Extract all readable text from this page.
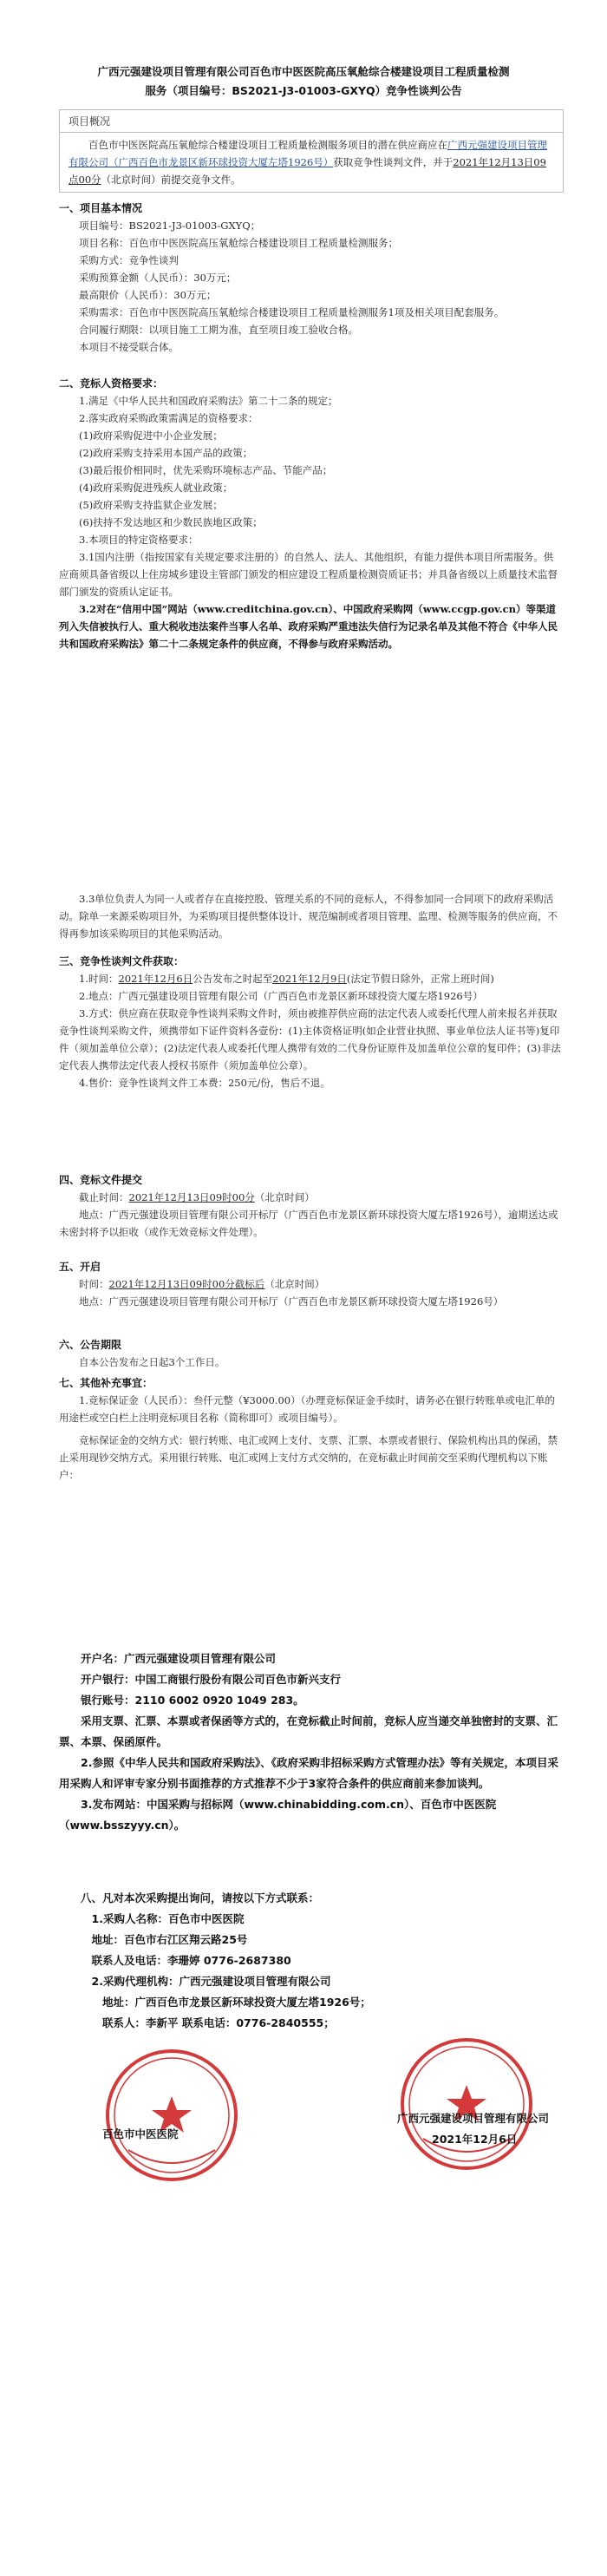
广西元强建设项目管理有限公司百色市中医医院高压氧舱综合楼建设项目工程质量检测
服务（项目编号：BS2021-J3-01003-GXYQ）竞争性谈判公告
项目概况
百色市中医医院高压氧舱综合楼建设项目工程质量检测服务项目的潜在供应商应在广西元强建设项目管理有限公司（广西百色市龙景区新环球投资大厦左塔1926号）获取竞争性谈判文件，并于2021年12月13日09点00分（北京时间）前提交竞争文件。
一、项目基本情况
项目编号：BS2021-J3-01003-GXYQ；
项目名称：百色市中医医院高压氧舱综合楼建设项目工程质量检测服务；
采购方式：竞争性谈判
采购预算金额（人民币）：30万元；
最高限价（人民币）：30万元；
采购需求：百色市中医医院高压氧舱综合楼建设项目工程质量检测服务1项及相关项目配套服务。
合同履行期限：以项目施工工期为准，直至项目竣工验收合格。
本项目不接受联合体。
二、竞标人资格要求：
1.满足《中华人民共和国政府采购法》第二十二条的规定；
2.落实政府采购政策需满足的资格要求：
(1)政府采购促进中小企业发展；
(2)政府采购支持采用本国产品的政策；
(3)最后报价相同时，优先采购环境标志产品、节能产品；
(4)政府采购促进残疾人就业政策；
(5)政府采购支持监狱企业发展；
(6)扶持不发达地区和少数民族地区政策；
3.本项目的特定资格要求：
3.1国内注册（指按国家有关规定要求注册的）的自然人、法人、其他组织，有能力提供本项目所需服务。供应商须具备省级以上住房城乡建设主管部门颁发的相应建设工程质量检测资质证书；并具备省级以上质量技术监督部门颁发的资质认定证书。
3.2对在“信用中国”网站（www.creditchina.gov.cn）、中国政府采购网（www.ccgp.gov.cn）等渠道列入失信被执行人、重大税收违法案件当事人名单、政府采购严重违法失信行为记录名单及其他不符合《中华人民共和国政府采购法》第二十二条规定条件的供应商，不得参与政府采购活动。
3.3单位负责人为同一人或者存在直接控股、管理关系的不同的竞标人，不得参加同一合同项下的政府采购活动。除单一来源采购项目外，为采购项目提供整体设计、规范编制或者项目管理、监理、检测等服务的供应商，不得再参加该采购项目的其他采购活动。
三、竞争性谈判文件获取：
1.时间：2021年12月6日公告发布之时起至2021年12月9日(法定节假日除外，正常上班时间)
2.地点：广西元强建设项目管理有限公司（广西百色市龙景区新环球投资大厦左塔1926号）
3.方式：供应商在获取竞争性谈判采购文件时，须由被推荐供应商的法定代表人或委托代理人前来报名并获取竞争性谈判采购文件，须携带如下证件资料各壹份：(1)主体资格证明(如企业营业执照、事业单位法人证书等)复印件（须加盖单位公章）；(2)法定代表人或委托代理人携带有效的二代身份证原件及加盖单位公章的复印件；(3)非法定代表人携带法定代表人授权书原件（须加盖单位公章）。
4.售价：竞争性谈判文件工本费：250元/份，售后不退。
四、竞标文件提交
截止时间：2021年12月13日09时00分（北京时间）
地点：广西元强建设项目管理有限公司开标厅（广西百色市龙景区新环球投资大厦左塔1926号），逾期送达或未密封将予以拒收（或作无效竞标文件处理）。
五、开启
时间：2021年12月13日09时00分截标后（北京时间）
地点：广西元强建设项目管理有限公司开标厅（广西百色市龙景区新环球投资大厦左塔1926号）
六、公告期限
自本公告发布之日起3个工作日。
七、其他补充事宜：
1.竞标保证金（人民币）：叁仟元整（¥3000.00）（办理竞标保证金手续时，请务必在银行转账单或电汇单的用途栏或空白栏上注明竞标项目名称（简称即可）或项目编号）。
竞标保证金的交纳方式：银行转账、电汇或网上支付、支票、汇票、本票或者银行、保险机构出具的保函，禁止采用现钞交纳方式。采用银行转账、电汇或网上支付方式交纳的，在竞标截止时间前交至采购代理机构以下账户：
开户名：广西元强建设项目管理有限公司
开户银行：中国工商银行股份有限公司百色市新兴支行
银行账号：2110 6002 0920 1049 283。
采用支票、汇票、本票或者保函等方式的，在竞标截止时间前，竞标人应当递交单独密封的支票、汇票、本票、保函原件。
2.参照《中华人民共和国政府采购法》、《政府采购非招标采购方式管理办法》等有关规定，本项目采用采购人和评审专家分别书面推荐的方式推荐不少于3家符合条件的供应商前来参加谈判。
3.发布网站：中国采购与招标网（www.chinabidding.com.cn）、百色市中医医院（www.bsszyyy.cn）。
八、凡对本次采购提出询问，请按以下方式联系：
1.采购人名称：百色市中医医院
地址：百色市右江区翔云路25号
联系人及电话：李珊婷 0776-2687380
2.采购代理机构：广西元强建设项目管理有限公司
地址：广西百色市龙景区新环球投资大厦左塔1926号；
联系人：李新平 联系电话：0776-2840555；
百色市中医医院
广西元强建设项目管理有限公司
2021年12月6日
